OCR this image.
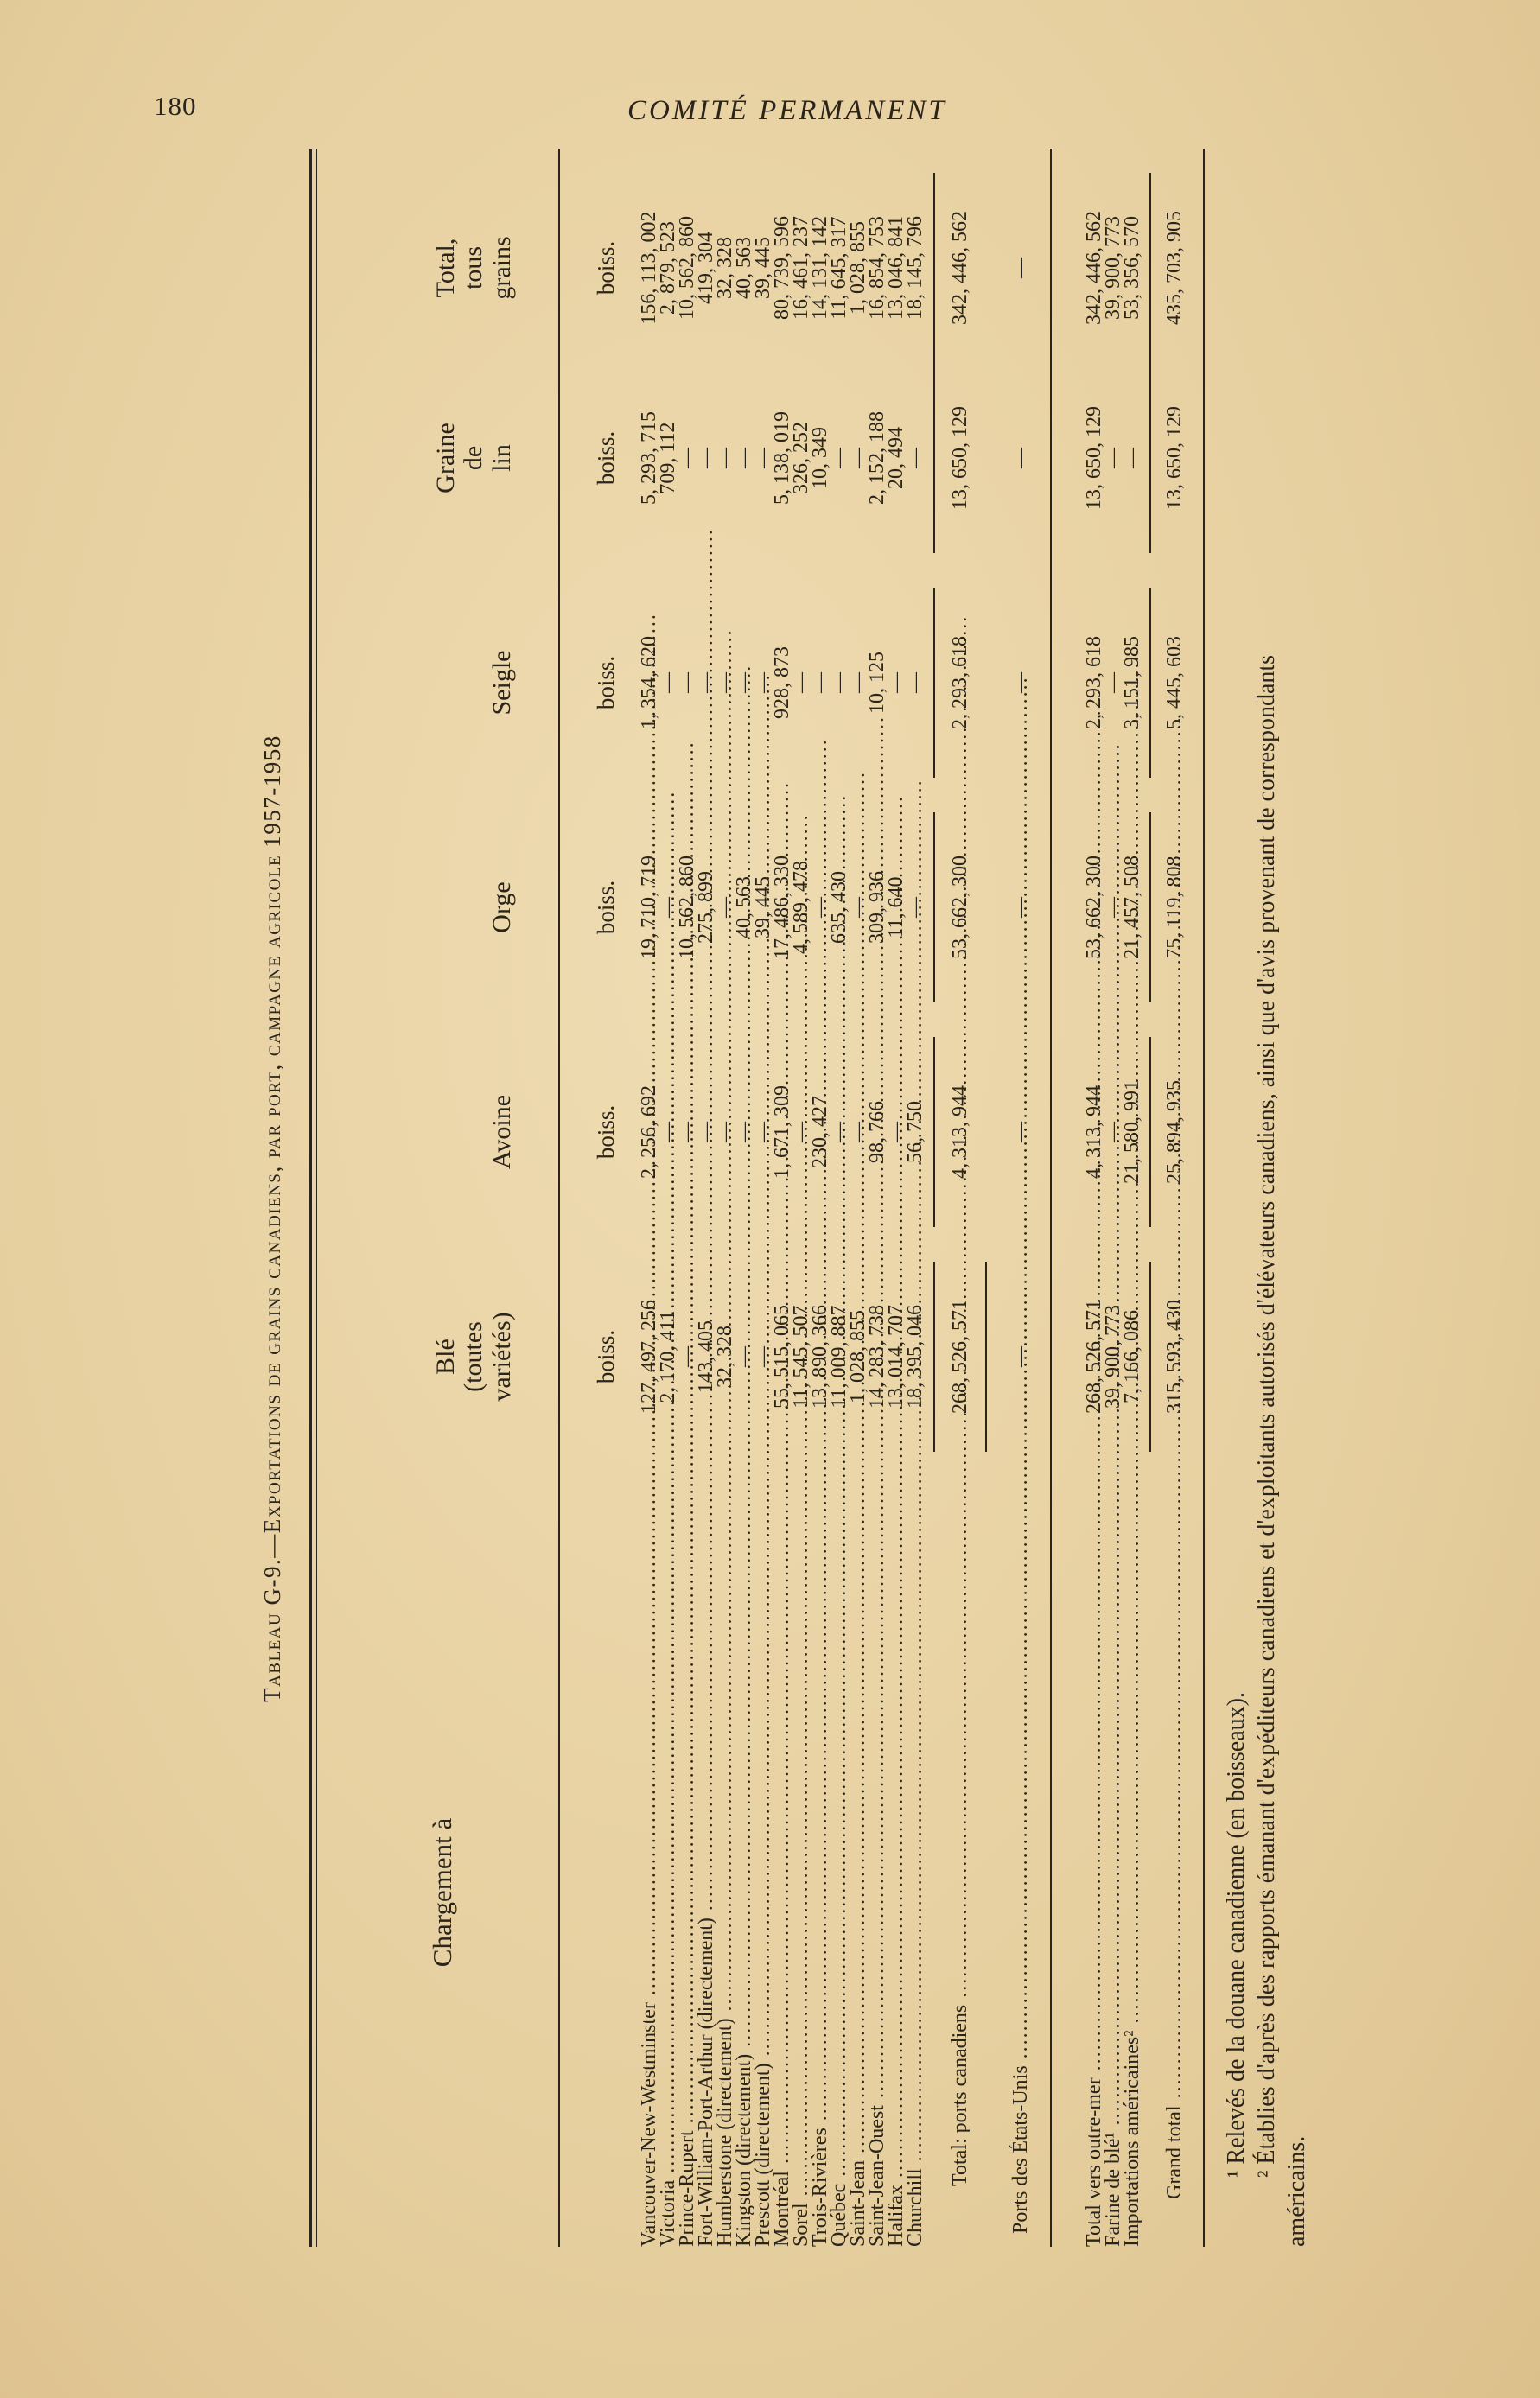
180	COMITÉ PERMANENT
Tableau G-9.—Exportations de grains canadiens, par port, campagne agricole 1957-1958
Chargement à
Blé (toutes variétés)
Avoine
Orge
Seigle
Graine de lin
Total, tous grains
boiss.
boiss.
boiss.
boiss.
boiss.
boiss.
Vancouver-New-Westminster .....
127, 497, 256
2, 256, 692
19, 710, 719
1, 354, 620
5, 293, 715
156, 113, 002
Victoria .....
2, 170, 411
—
—
—
709, 112
2, 879, 523
Prince-Rupert .....
—
—
10, 562, 860
—
—
10, 562, 860
Fort-William-Port-Arthur (directement) .....
143, 405
—
275, 899
—
—
419, 304
Humberstone (directement) .....
32, 328
—
—
—
—
32, 328
Kingston (directement) .....
—
—
40, 563
—
—
40, 563
Prescott (directement) .....
—
—
39, 445
—
—
39, 445
Montréal .....
55, 515, 065
1, 671, 309
17, 486, 330
928, 873
5, 138, 019
80, 739, 596
Sorel .....
11, 545, 507
—
4, 589, 478
—
326, 252
16, 461, 237
Trois-Rivières .....
13, 890, 366
230, 427
—
—
10, 349
14, 131, 142
Québec .....
11, 009, 887
—
635, 430
—
—
11, 645, 317
Saint-Jean .....
1, 028, 855
—
—
—
—
1, 028, 855
Saint-Jean-Ouest .....
14, 283, 738
98, 766
309, 936
10, 125
2, 152, 188
16, 854, 753
Halifax .....
13, 014, 707
—
11, 640
—
20, 494
13, 046, 841
Churchill .....
18, 395, 046
56, 750
—
—
—
18, 145, 796
Total: ports canadiens .....
268, 526, 571
4, 313, 944
53, 662, 300
2, 293, 618
13, 650, 129
342, 446, 562
Ports des États-Unis .....
—
—
—
—
—
—
Total vers outre-mer .....
268, 526, 571
4, 313, 944
53, 662, 300
2, 293, 618
13, 650, 129
342, 446, 562
Farine de blé¹ .....
39, 900, 773
—
—
—
—
39, 900, 773
Importations américaines² .....
7, 166, 086
21, 580, 991
21, 457, 508
3, 151, 985
—
53, 356, 570
Grand total .....
315, 593, 430
25, 894, 935
75, 119, 808
5, 445, 603
13, 650, 129
435, 703, 905
¹ Relevés de la douane canadienne (en boisseaux). ² Établies d'après des rapports émanant d'expéditeurs canadiens et d'exploitants autorisés d'élévateurs canadiens, ainsi que d'avis provenant de correspondants
américains.
